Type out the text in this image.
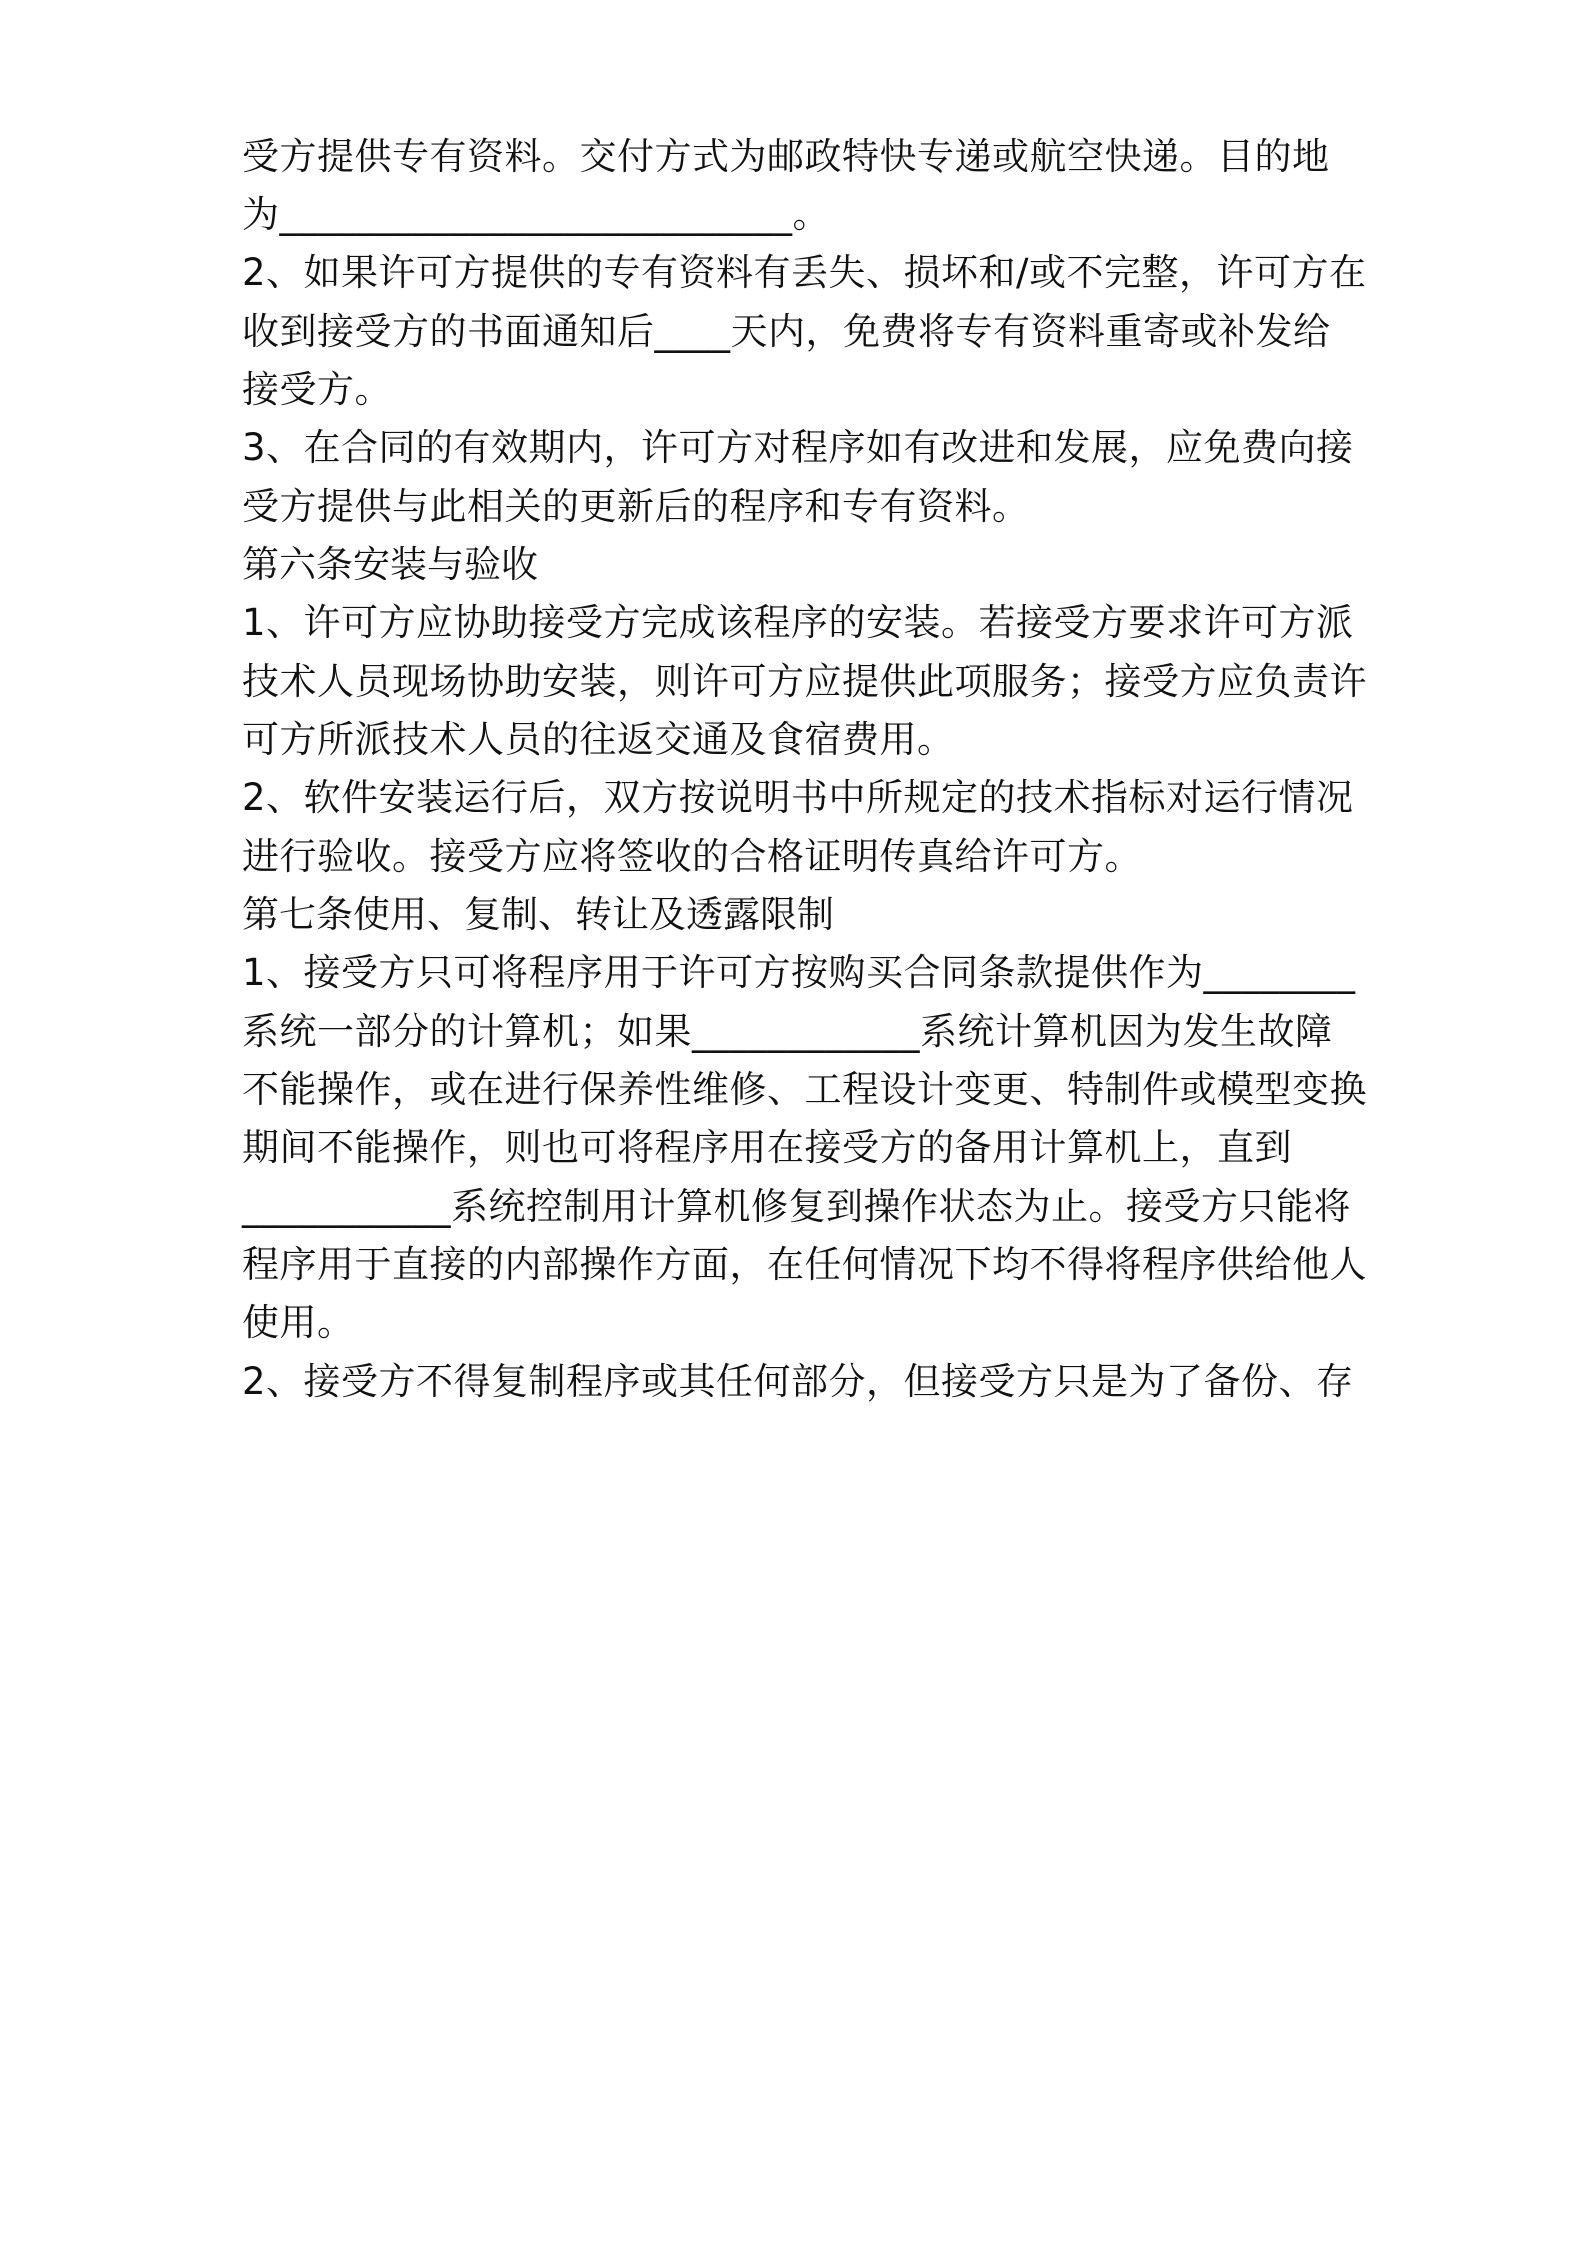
受方提供专有资料。交付方式为邮政特快专递或航空快递。目的地
为___________________________。
2、如果许可方提供的专有资料有丢失、损坏和/或不完整，许可方在
收到接受方的书面通知后____天内，免费将专有资料重寄或补发给
接受方。
3、在合同的有效期内，许可方对程序如有改进和发展，应免费向接
受方提供与此相关的更新后的程序和专有资料。
第六条安装与验收
1、许可方应协助接受方完成该程序的安装。若接受方要求许可方派
技术人员现场协助安装，则许可方应提供此项服务；接受方应负责许
可方所派技术人员的往返交通及食宿费用。
2、软件安装运行后，双方按说明书中所规定的技术指标对运行情况
进行验收。接受方应将签收的合格证明传真给许可方。
第七条使用、复制、转让及透露限制
1、接受方只可将程序用于许可方按购买合同条款提供作为________
系统一部分的计算机；如果____________系统计算机因为发生故障
不能操作，或在进行保养性维修、工程设计变更、特制件或模型变换
期间不能操作，则也可将程序用在接受方的备用计算机上，直到
___________系统控制用计算机修复到操作状态为止。接受方只能将
程序用于直接的内部操作方面，在任何情况下均不得将程序供给他人
使用。
2、接受方不得复制程序或其任何部分，但接受方只是为了备份、存
